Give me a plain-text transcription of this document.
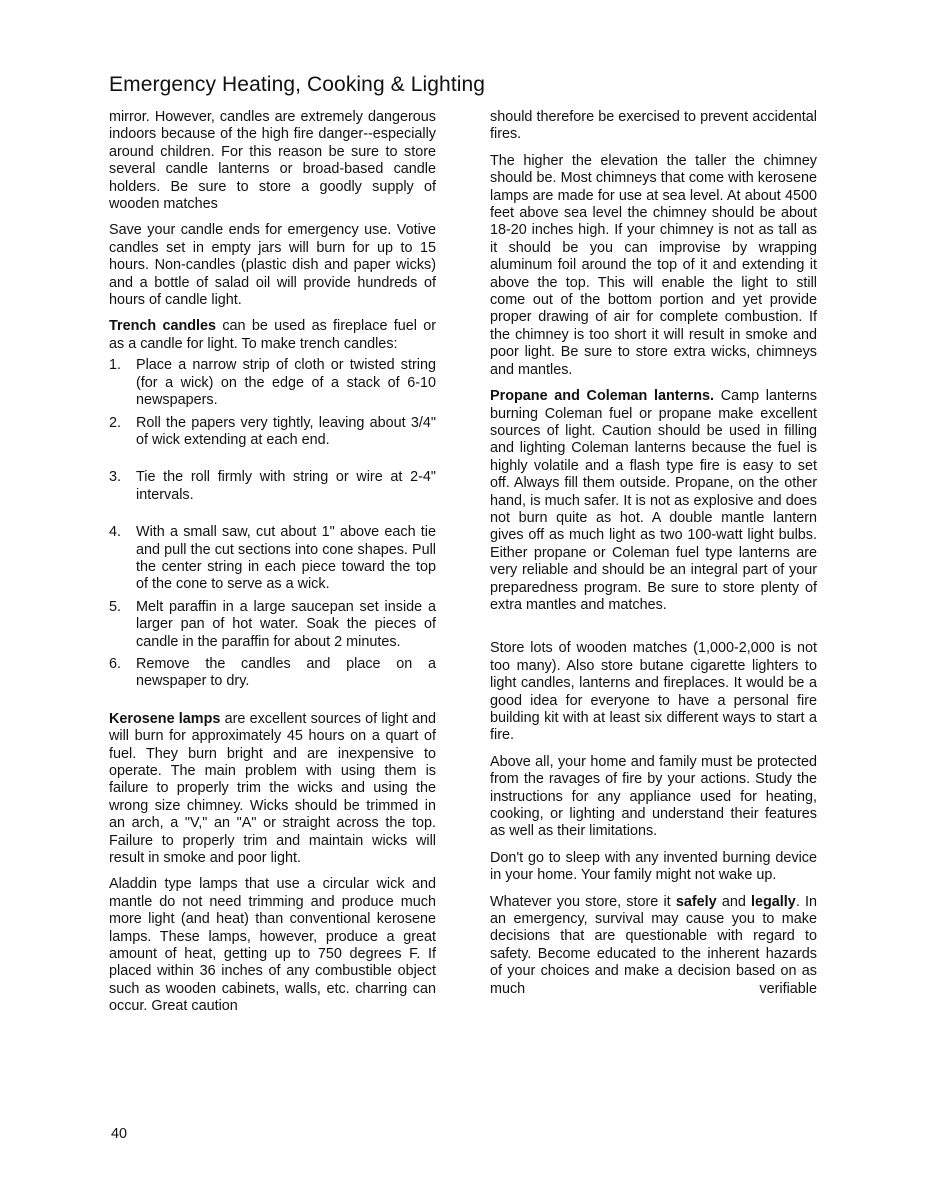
Emergency Heating, Cooking & Lighting

mirror. However, candles are extremely dangerous indoors because of the high fire danger--especially around children. For this reason be sure to store several candle lanterns or broad-based candle holders. Be sure to store a goodly supply of wooden matches

Save your candle ends for emergency use. Votive candles set in empty jars will burn for up to 15 hours. Non-candles (plastic dish and paper wicks) and a bottle of salad oil will provide hundreds of hours of candle light.

Trench candles can be used as fireplace fuel or as a candle for light. To make trench candles:

1. Place a narrow strip of cloth or twisted string (for a wick) on the edge of a stack of 6-10 newspapers.
2. Roll the papers very tightly, leaving about 3/4" of wick extending at each end.
3. Tie the roll firmly with string or wire at 2-4" intervals.
4. With a small saw, cut about 1" above each tie and pull the cut sections into cone shapes. Pull the center string in each piece toward the top of the cone to serve as a wick.
5. Melt paraffin in a large saucepan set inside a larger pan of hot water. Soak the pieces of candle in the paraffin for about 2 minutes.
6. Remove the candles and place on a newspaper to dry.

Kerosene lamps are excellent sources of light and will burn for approximately 45 hours on a quart of fuel. They burn bright and are inexpensive to operate. The main problem with using them is failure to properly trim the wicks and using the wrong size chimney. Wicks should be trimmed in an arch, a "V," an "A" or straight across the top. Failure to properly trim and maintain wicks will result in smoke and poor light.

Aladdin type lamps that use a circular wick and mantle do not need trimming and produce much more light (and heat) than conventional kerosene lamps. These lamps, however, produce a great amount of heat, getting up to 750 degrees F. If placed within 36 inches of any combustible object such as wooden cabinets, walls, etc. charring can occur. Great caution

should therefore be exercised to prevent accidental fires.

The higher the elevation the taller the chimney should be. Most chimneys that come with kerosene lamps are made for use at sea level. At about 4500 feet above sea level the chimney should be about 18-20 inches high. If your chimney is not as tall as it should be you can improvise by wrapping aluminum foil around the top of it and extending it above the top. This will enable the light to still come out of the bottom portion and yet provide proper drawing of air for complete combustion. If the chimney is too short it will result in smoke and poor light. Be sure to store extra wicks, chimneys and mantles.

Propane and Coleman lanterns. Camp lanterns burning Coleman fuel or propane make excellent sources of light. Caution should be used in filling and lighting Coleman lanterns because the fuel is highly volatile and a flash type fire is easy to set off. Always fill them outside. Propane, on the other hand, is much safer. It is not as explosive and does not burn quite as hot. A double mantle lantern gives off as much light as two 100-watt light bulbs. Either propane or Coleman fuel type lanterns are very reliable and should be an integral part of your preparedness program. Be sure to store plenty of extra mantles and matches.

Store lots of wooden matches (1,000-2,000 is not too many). Also store butane cigarette lighters to light candles, lanterns and fireplaces. It would be a good idea for everyone to have a personal fire building kit with at least six different ways to start a fire.

Above all, your home and family must be protected from the ravages of fire by your actions. Study the instructions for any appliance used for heating, cooking, or lighting and understand their features as well as their limitations.

Don't go to sleep with any invented burning device in your home. Your family might not wake up.

Whatever you store, store it safely and legally. In an emergency, survival may cause you to make decisions that are questionable with regard to safety. Become educated to the inherent hazards of your choices and make a decision based on as much verifiable

40
